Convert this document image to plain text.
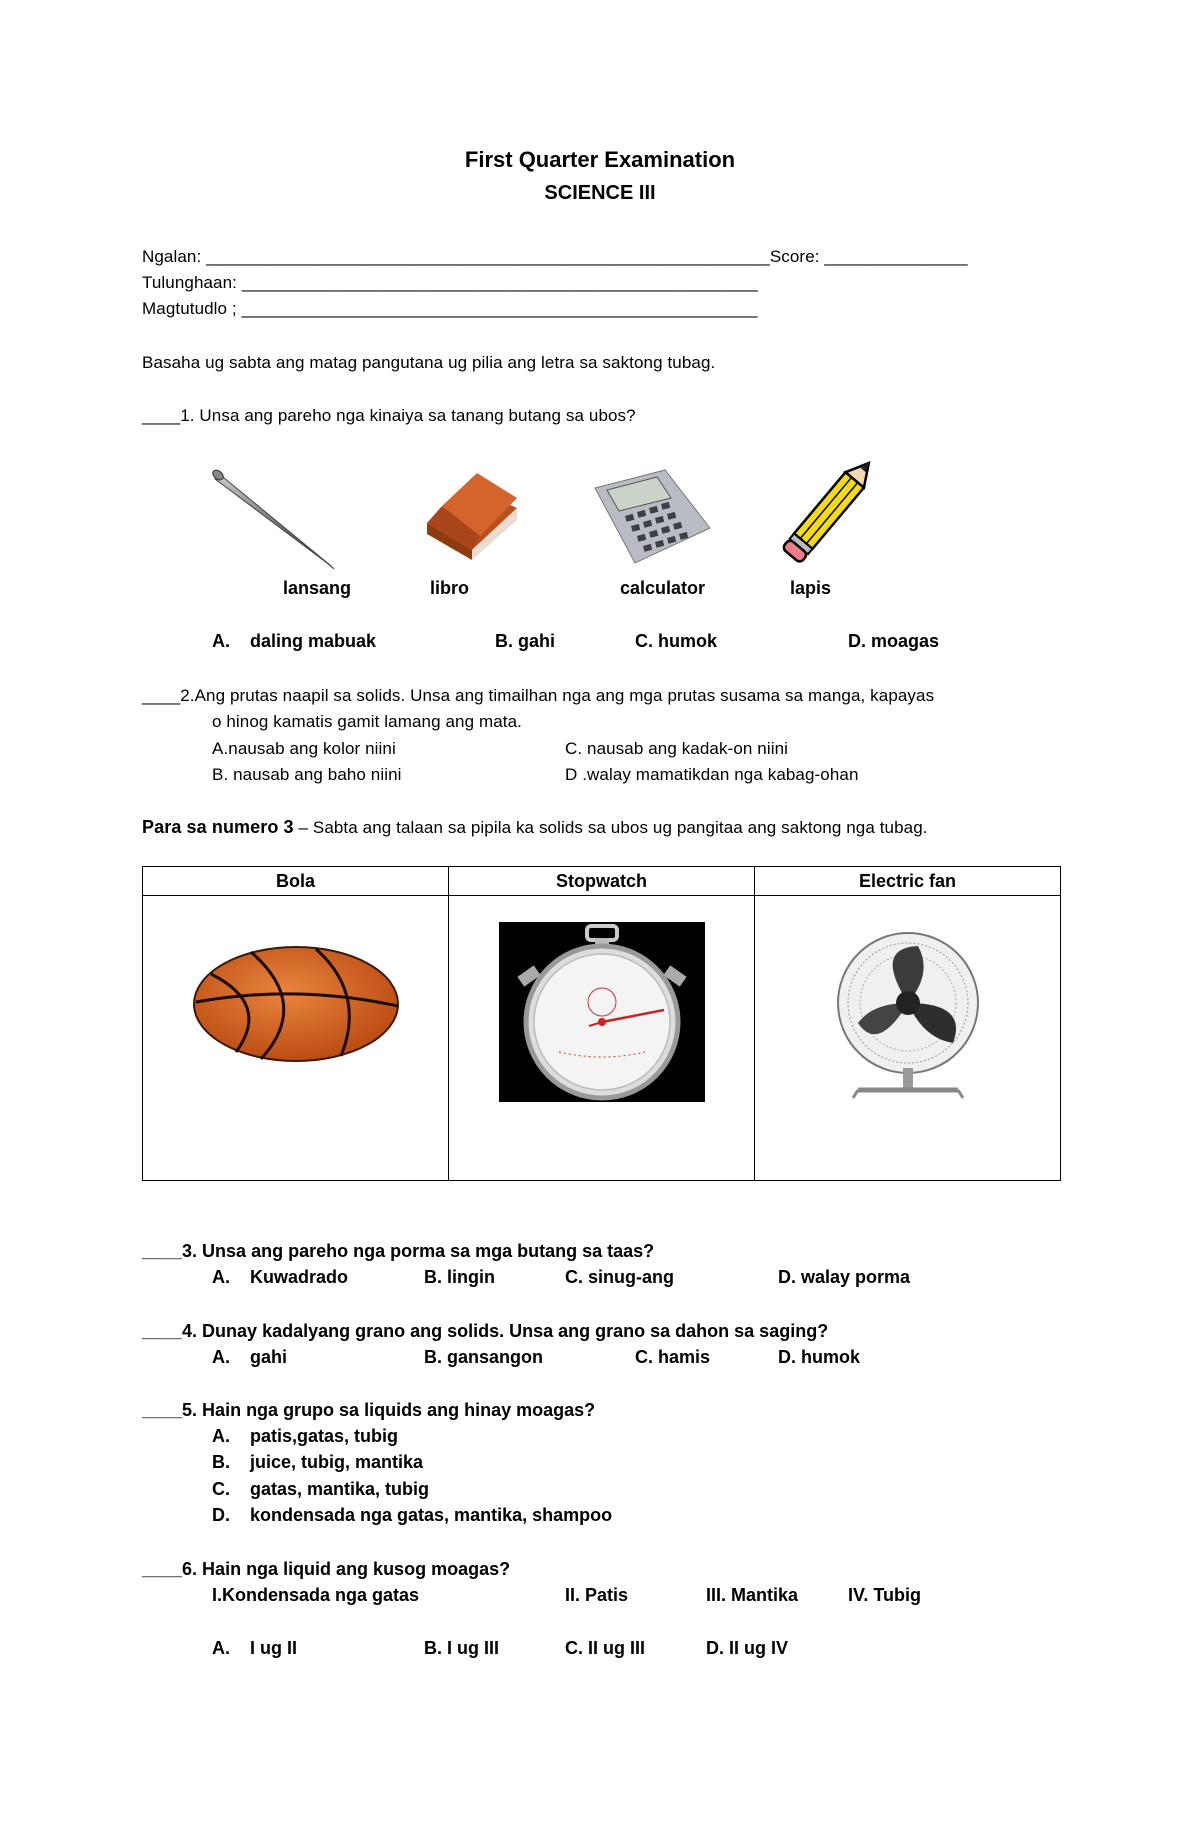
First Quarter Examination
SCIENCE III
Ngalan: ___________________________________________________________Score: _______________
Tulunghaan: ______________________________________________________
Magtutudlo ; ______________________________________________________
Basaha ug sabta ang matag pangutana ug pilia ang letra sa saktong tubag.
____1. Unsa ang pareho nga kinaiya sa tanang butang sa ubos?
lansang	libro	calculator	lapis
A.    daling mabuak	B. gahi	C. humok	D. moagas
____2.Ang prutas naapil sa solids. Unsa ang timailhan nga ang mga prutas susama sa manga, kapayas
o hinog kamatis gamit lamang ang mata.
A.nausab ang kolor niini	C. nausab ang kadak-on niini
B. nausab ang baho niini	D .walay mamatikdan nga kabag-ohan
Para sa numero 3 – Sabta ang talaan sa pipila ka solids sa ubos ug pangitaa ang saktong nga tubag.
Bola	Stopwatch	Electric fan

____3. Unsa ang pareho nga porma sa mga butang sa taas?
A.    Kuwadrado	B. lingin	C. sinug-ang	D. walay porma
____4. Dunay kadalyang grano ang solids. Unsa ang grano sa dahon sa saging?
A.    gahi	B. gansangon	C. hamis	D. humok
____5. Hain nga grupo sa liquids ang hinay moagas?
A.    patis,gatas, tubig
B.    juice, tubig, mantika
C.    gatas, mantika, tubig
D.    kondensada nga gatas, mantika, shampoo
____6. Hain nga liquid ang kusog moagas?
I.Kondensada nga gatas	II. Patis	III. Mantika	IV. Tubig
A.    I ug II	B. I ug III	C. II ug III	D. II ug IV
